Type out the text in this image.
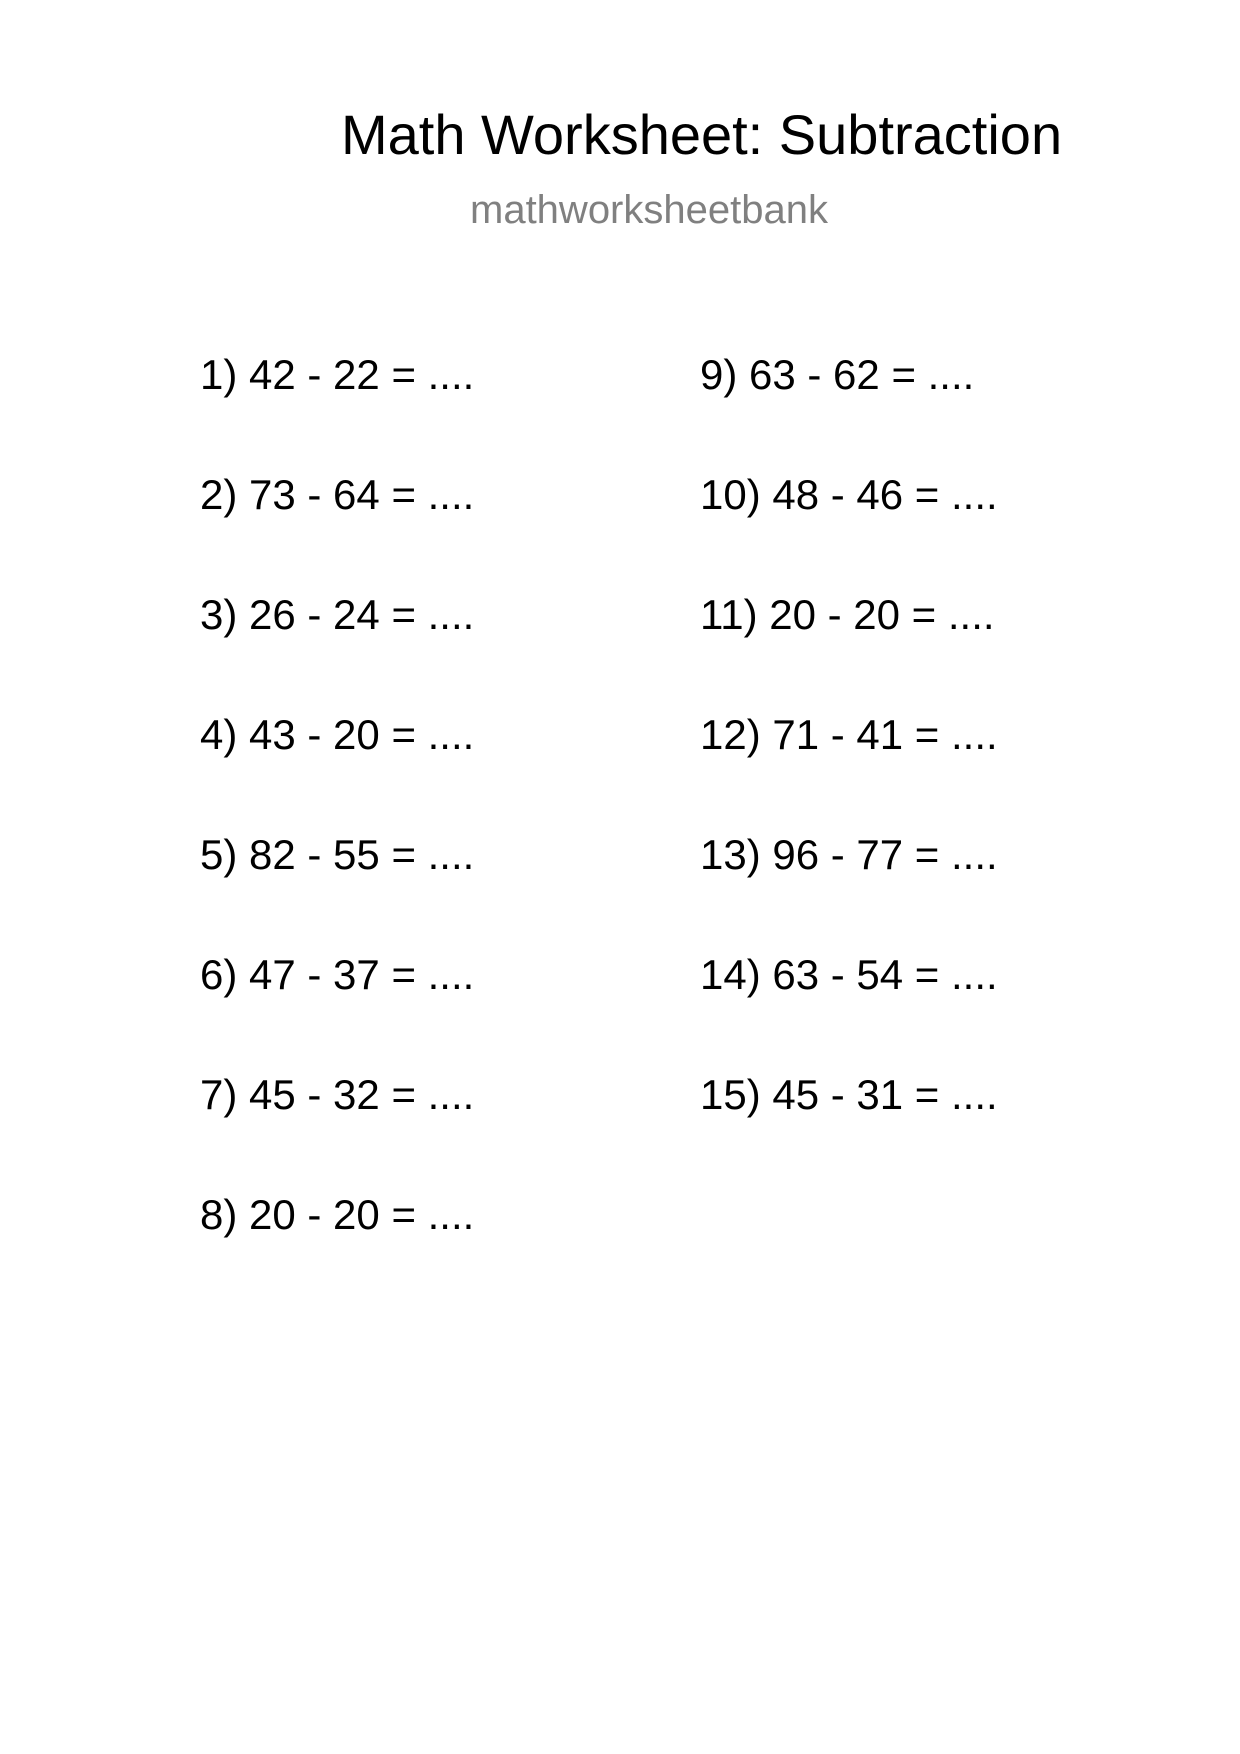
Math Worksheet: Subtraction
mathworksheetbank
1) 42 - 22 = ....
2) 73 - 64 = ....
3) 26 - 24 = ....
4) 43 - 20 = ....
5) 82 - 55 = ....
6) 47 - 37 = ....
7) 45 - 32 = ....
8) 20 - 20 = ....
9) 63 - 62 = ....
10) 48 - 46 = ....
11) 20 - 20 = ....
12) 71 - 41 = ....
13) 96 - 77 = ....
14) 63 - 54 = ....
15) 45 - 31 = ....
